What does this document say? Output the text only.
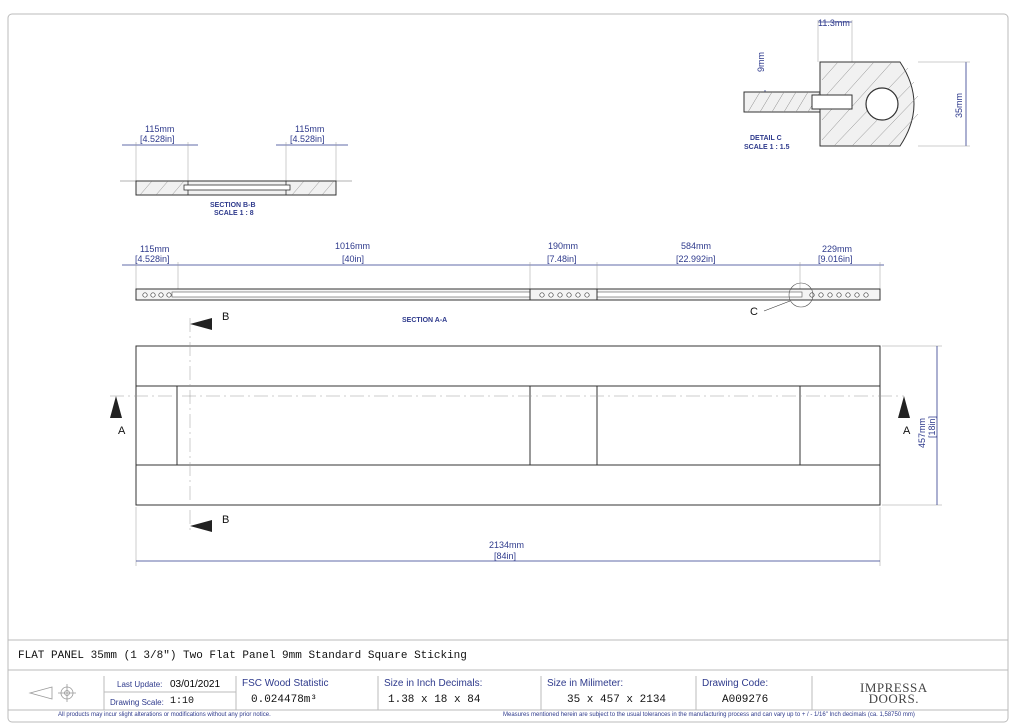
11.3mm
9mm
35mm
DETAIL C
SCALE 1 : 1.5
115mm
[4.528in]
115mm
[4.528in]
SECTION B-B
SCALE 1 : 8
115mm
[4.528in]
1016mm
[40in]
190mm
[7.48in]
584mm
[22.992in]
229mm
[9.016in]
C
SECTION A-A
B
B
A	A 457mm [18in]
2134mm
[84in]
FLAT PANEL 35mm (1 3/8") Two Flat Panel 9mm Standard Square Sticking
Last Update: 03/01/2021
Drawing Scale: 1:10
FSC Wood Statistic
0.024478m³
Size in Inch Decimals:
1.38 x 18 x 84
Size in Milimeter:
35 x 457 x 2134
Drawing Code:
A009276
IMPRESSA
DOORS.
All products may incur slight alterations or modifications without any prior notice.	Measures mentioned herein are subject to the usual tolerances in the manufacturing process and can vary up to + / - 1/16" Inch decimals (ca. 1,58750 mm)
